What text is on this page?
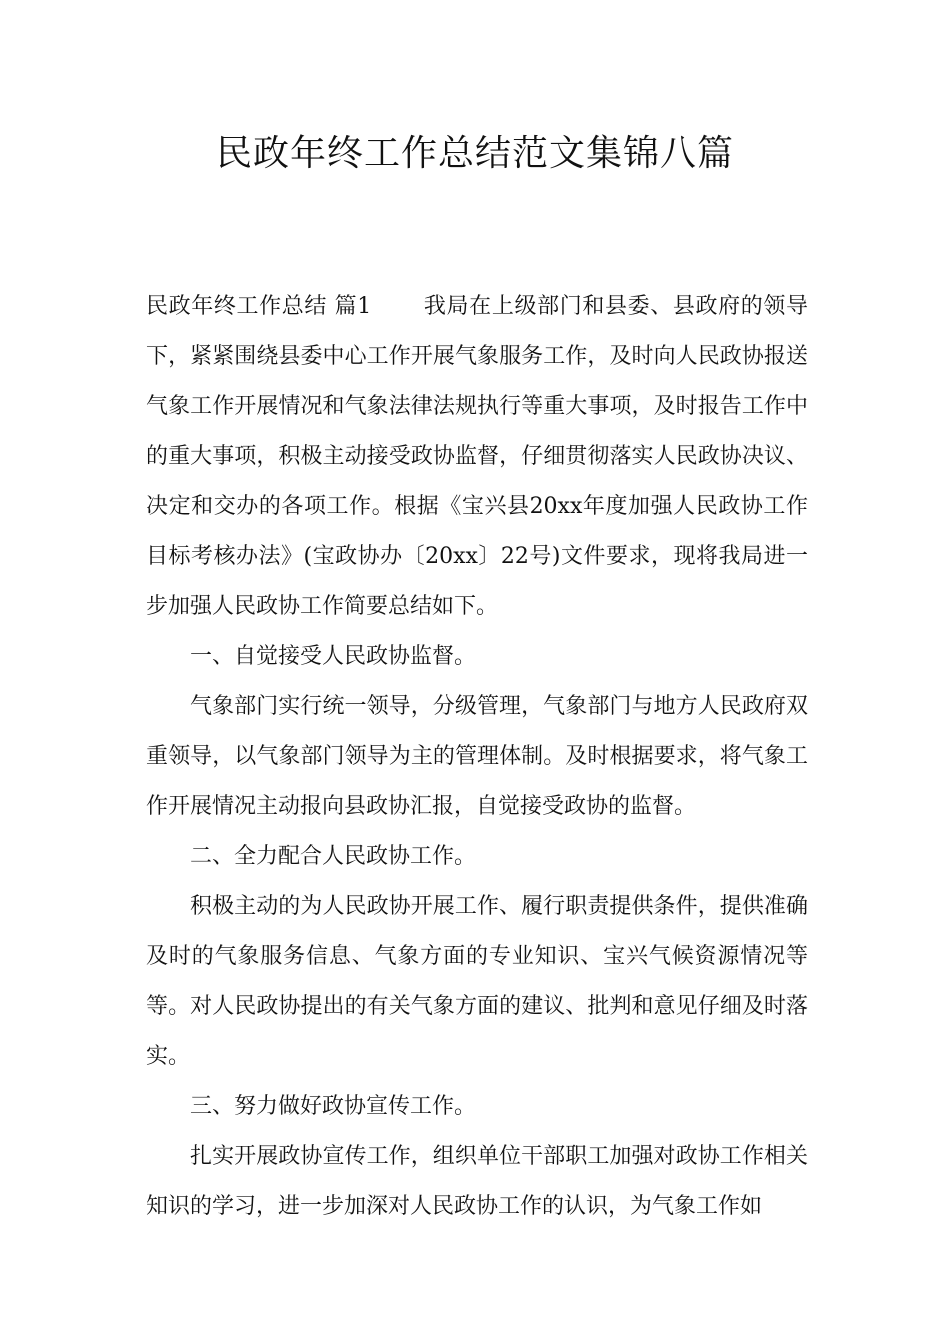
民政年终工作总结范文集锦八篇

民政年终工作总结 篇1 我局在上级部门和县委、县政府的领导下，紧紧围绕县委中心工作开展气象服务工作，及时向人民政协报送气象工作开展情况和气象法律法规执行等重大事项，及时报告工作中的重大事项，积极主动接受政协监督，仔细贯彻落实人民政协决议、决定和交办的各项工作。根据《宝兴县20xx年度加强人民政协工作目标考核办法》(宝政协办〔20xx〕22号)文件要求，现将我局进一步加强人民政协工作简要总结如下。

一、自觉接受人民政协监督。

气象部门实行统一领导，分级管理，气象部门与地方人民政府双重领导，以气象部门领导为主的管理体制。及时根据要求，将气象工作开展情况主动报向县政协汇报，自觉接受政协的监督。

二、全力配合人民政协工作。

积极主动的为人民政协开展工作、履行职责提供条件，提供准确及时的气象服务信息、气象方面的专业知识、宝兴气候资源情况等等。对人民政协提出的有关气象方面的建议、批判和意见仔细及时落实。

三、努力做好政协宣传工作。

扎实开展政协宣传工作，组织单位干部职工加强对政协工作相关知识的学习，进一步加深对人民政协工作的认识，为气象工作如
